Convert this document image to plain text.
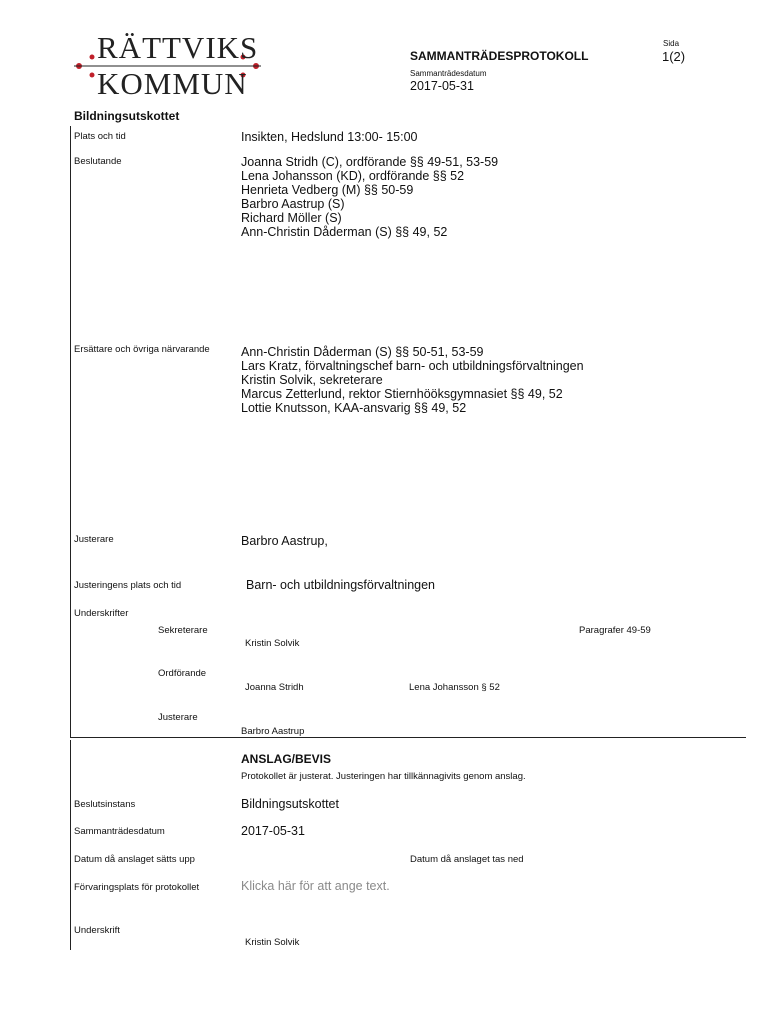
RÄTTVIKS
KOMMUN
SAMMANTRÄDESPROTOKOLL
Sammanträdesdatum
2017-05-31
Sida
1(2)
Bildningsutskottet
Plats och tid	Insikten, Hedslund 13:00- 15:00
Beslutande	Joanna Stridh (C), ordförande §§ 49-51, 53-59
Lena Johansson (KD), ordförande §§ 52
Henrieta Vedberg (M) §§ 50-59
Barbro Aastrup (S)
Richard Möller (S)
Ann-Christin Dåderman (S) §§ 49, 52
Ersättare och övriga närvarande	Ann-Christin Dåderman (S) §§ 50-51, 53-59
Lars Kratz, förvaltningschef barn- och utbildningsförvaltningen
Kristin Solvik, sekreterare
Marcus Zetterlund, rektor Stiernhööksgymnasiet §§ 49, 52
Lottie Knutsson, KAA-ansvarig §§ 49, 52
Justerare	Barbro Aastrup,
Justeringens plats och tid	Barn- och utbildningsförvaltningen
Underskrifter
Sekreterare	Paragrafer 49-59
Kristin Solvik
Ordförande
Joanna Stridh	Lena Johansson § 52
Justerare
Barbro Aastrup
ANSLAG/BEVIS
Protokollet är justerat. Justeringen har tillkännagivits genom anslag.
Beslutsinstans	Bildningsutskottet
Sammanträdesdatum	2017-05-31
Datum då anslaget sätts upp	Datum då anslaget tas ned
Förvaringsplats för protokollet	Klicka här för att ange text.
Underskrift
Kristin Solvik
